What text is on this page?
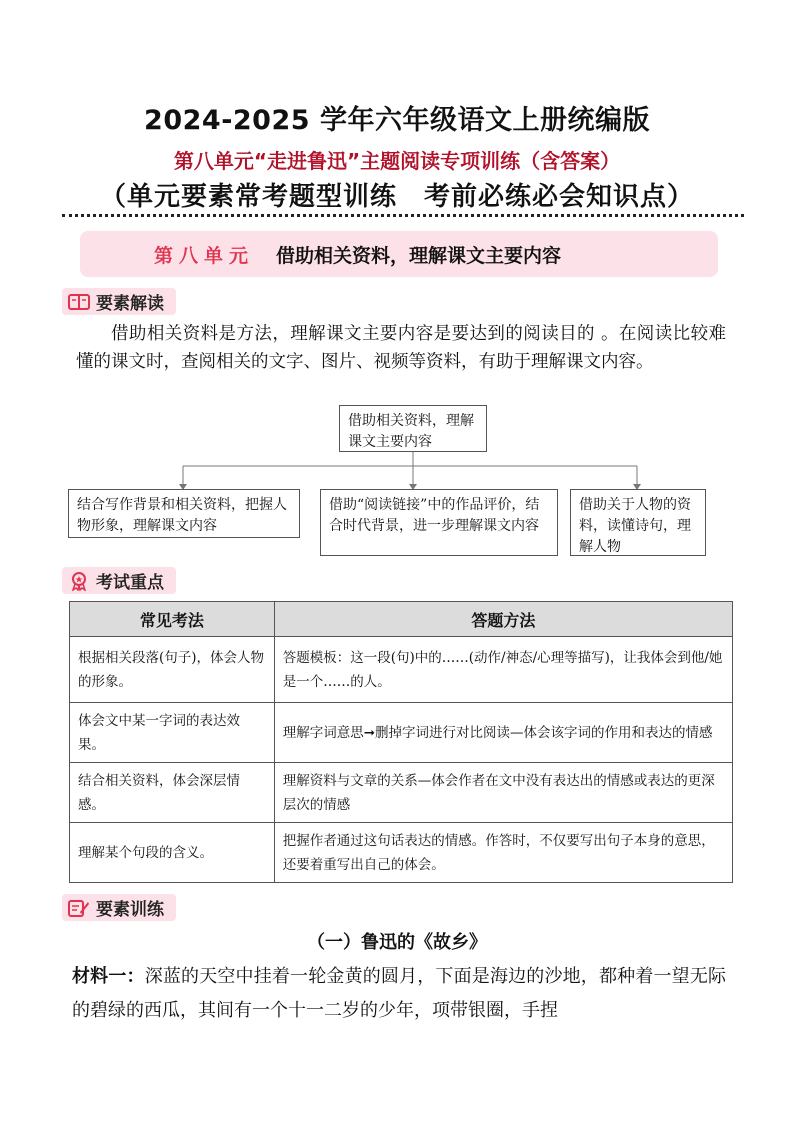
2024-2025 学年六年级语文上册统编版
第八单元“走进鲁迅”主题阅读专项训练（含答案）
（单元要素常考题型训练　考前必练必会知识点）
第八单元 借助相关资料，理解课文主要内容
要素解读
借助相关资料是方法，理解课文主要内容是要达到的阅读目的 。在阅读比较难懂的课文时，查阅相关的文字、图片、视频等资料，有助于理解课文内容。
借助相关资料，理解课文主要内容
结合写作背景和相关资料，把握人物形象，理解课文内容
借助“阅读链接”中的作品评价，结合时代背景，进一步理解课文内容
借助关于人物的资料，读懂诗句，理解人物
考试重点
常见考法	答题方法
根据相关段落(句子)，体会人物的形象。	答题模板：这一段(句)中的……(动作/神态/心理等描写)，让我体会到他/她是一个……的人。
体会文中某一字词的表达效果。	理解字词意思➞删掉字词进行对比阅读—体会该字词的作用和表达的情感
结合相关资料，体会深层情感。	理解资料与文章的关系—体会作者在文中没有表达出的情感或表达的更深层次的情感
理解某个句段的含义。	把握作者通过这句话表达的情感。作答时，不仅要写出句子本身的意思，还要着重写出自己的体会。
要素训练
（一）鲁迅的《故乡》
材料一：深蓝的天空中挂着一轮金黄的圆月，下面是海边的沙地，都种着一望无际的碧绿的西瓜，其间有一个十一二岁的少年，项带银圈，手捏
